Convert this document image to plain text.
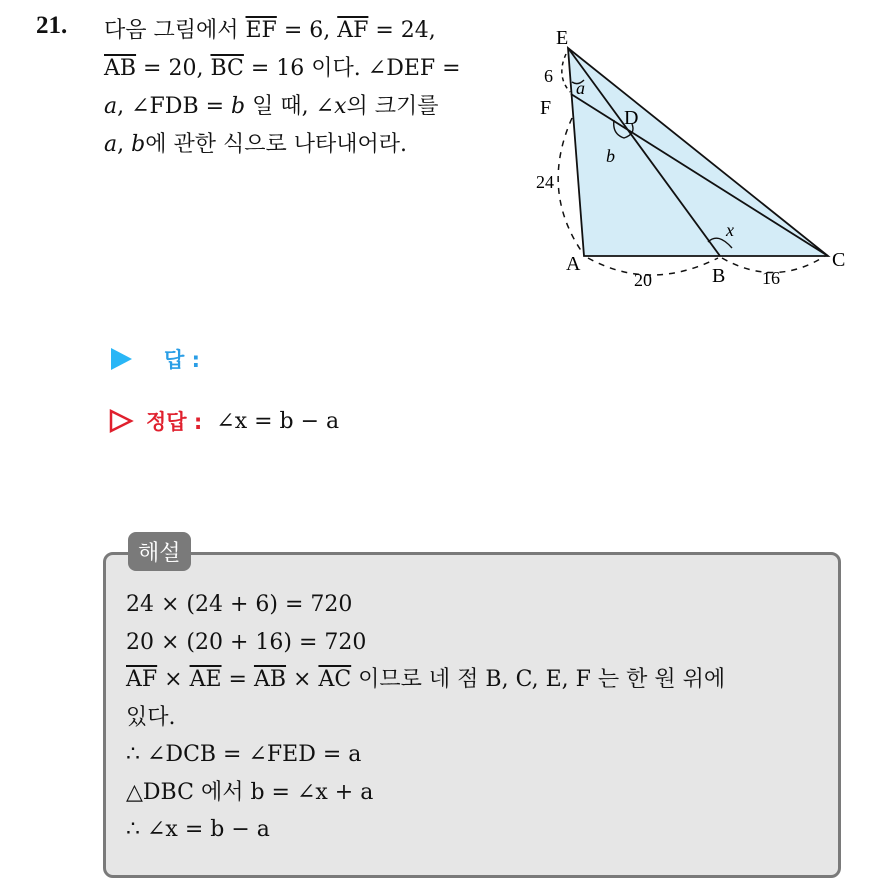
21. 다음 그림에서 $\overline{EF} = 6$, $\overline{AF} = 24$,
$\overline{AB} = 20$, $\overline{BC} = 16$ 이다. ∠DEF =
a, ∠FDB = b 일 때, ∠x의 크기를
a, b에 관한 식으로 나타내어라.
E
F	D
A
B
C
6
24
20	16
a
b
x
답 :
정답 : ∠x = b − a
해설
24 × (24 + 6) = 720
20 × (20 + 16) = 720
$\overline{AF} \times \overline{AE} = \overline{AB} \times \overline{AC}$ 이므로 네 점 B, C, E, F 는 한 원 위에
있다.
∴ ∠DCB = ∠FED = a
△DBC 에서 b = ∠x + a
∴ ∠x = b − a
